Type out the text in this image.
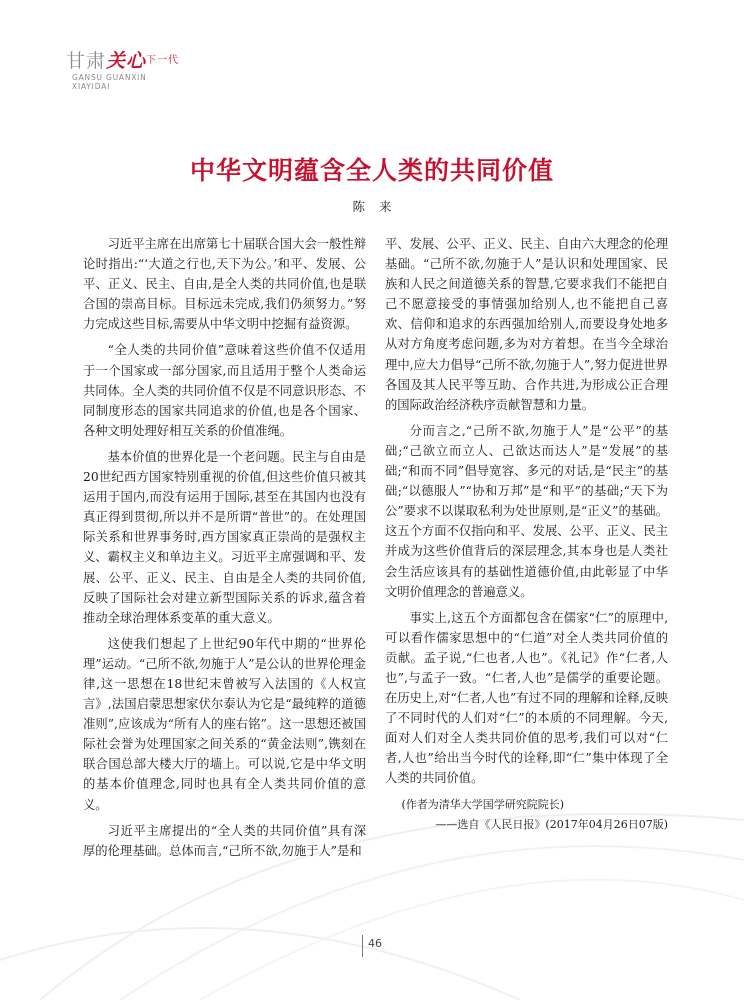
甘肃关心$^{下一代}$
GANSU GUANXIN
XIAYIDAI
中华文明蕴含全人类的共同价值
陈来

习近平主席在出席第七十届联合国大会一般性辩论时指出:“‘大道之行也,天下为公。’和平、发展、公平、正义、民主、自由,是全人类的共同价值,也是联合国的崇高目标。目标远未完成,我们仍须努力。”努力完成这些目标,需要从中华文明中挖掘有益资源。

“全人类的共同价值”意味着这些价值不仅适用于一个国家或一部分国家,而且适用于整个人类命运共同体。全人类的共同价值不仅是不同意识形态、不同制度形态的国家共同追求的价值,也是各个国家、各种文明处理好相互关系的价值准绳。

基本价值的世界化是一个老问题。民主与自由是20世纪西方国家特别重视的价值,但这些价值只被其运用于国内,而没有运用于国际,甚至在其国内也没有真正得到贯彻,所以并不是所谓“普世”的。在处理国际关系和世界事务时,西方国家真正崇尚的是强权主义、霸权主义和单边主义。习近平主席强调和平、发展、公平、正义、民主、自由是全人类的共同价值,反映了国际社会对建立新型国际关系的诉求,蕴含着推动全球治理体系变革的重大意义。

这使我们想起了上世纪90年代中期的“世界伦理”运动。“己所不欲,勿施于人”是公认的世界伦理金律,这一思想在18世纪末曾被写入法国的《人权宣言》,法国启蒙思想家伏尔泰认为它是“最纯粹的道德准则”,应该成为“所有人的座右铭”。这一思想还被国际社会誉为处理国家之间关系的“黄金法则”,镌刻在联合国总部大楼大厅的墙上。可以说,它是中华文明的基本价值理念,同时也具有全人类共同价值的意义。

习近平主席提出的“全人类的共同价值”具有深厚的伦理基础。总体而言,“己所不欲,勿施于人”是和

平、发展、公平、正义、民主、自由六大理念的伦理基础。“己所不欲,勿施于人”是认识和处理国家、民族和人民之间道德关系的智慧,它要求我们不能把自己不愿意接受的事情强加给别人,也不能把自己喜欢、信仰和追求的东西强加给别人,而要设身处地多从对方角度考虑问题,多为对方着想。在当今全球治理中,应大力倡导“己所不欲,勿施于人”,努力促进世界各国及其人民平等互助、合作共进,为形成公正合理的国际政治经济秩序贡献智慧和力量。

分而言之,“己所不欲,勿施于人”是“公平”的基础;“己欲立而立人、己欲达而达人”是“发展”的基础;“和而不同”倡导宽容、多元的对话,是“民主”的基础;“以德服人”“协和万邦”是“和平”的基础;“天下为公”要求不以谋取私利为处世原则,是“正义”的基础。这五个方面不仅指向和平、发展、公平、正义、民主并成为这些价值背后的深层理念,其本身也是人类社会生活应该具有的基础性道德价值,由此彰显了中华文明价值理念的普遍意义。

事实上,这五个方面都包含在儒家“仁”的原理中,可以看作儒家思想中的“仁道”对全人类共同价值的贡献。孟子说,“仁也者,人也”。《礼记》作“仁者,人也”,与孟子一致。“仁者,人也”是儒学的重要论题。在历史上,对“仁者,人也”有过不同的理解和诠释,反映了不同时代的人们对“仁”的本质的不同理解。今天,面对人们对全人类共同价值的思考,我们可以对“仁者,人也”给出当今时代的诠释,即“仁”集中体现了全人类的共同价值。

(作者为清华大学国学研究院院长)

——选自《人民日报》(2017年04月26日07版)

46
